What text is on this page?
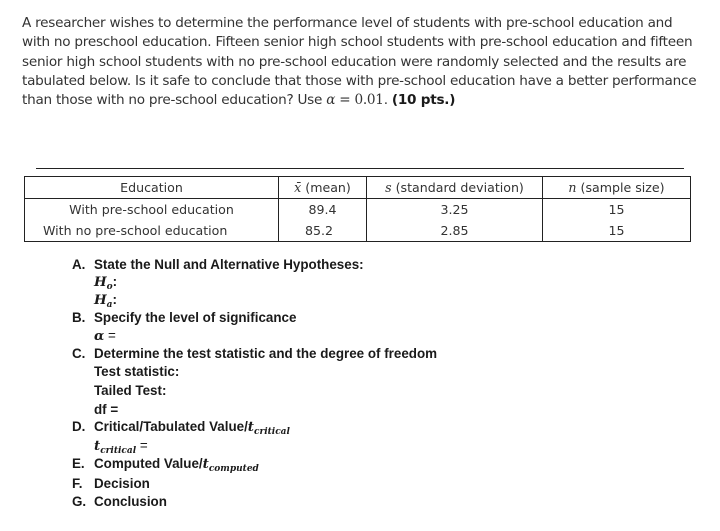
A researcher wishes to determine the performance level of students with pre-school education and with no preschool education. Fifteen senior high school students with pre-school education and fifteen senior high school students with no pre-school education were randomly selected and the results are tabulated below. Is it safe to conclude that those with pre-school education have a better performance than those with no pre-school education? Use α = 0.01. (10 pts.)
Education	x̄ (mean)	s (standard deviation)	n (sample size)
With pre-school education	89.4	3.25	15
With no pre-school education	85.2	2.85	15
A. State the Null and Alternative Hypotheses:
$H_o$:
$H_a$:
B. Specify the level of significance
α =
C. Determine the test statistic and the degree of freedom
Test statistic:
Tailed Test:
df =
D. Critical/Tabulated Value/$t_{critical}$
$t_{critical}$ =
E. Computed Value/$t_{computed}$
F. Decision
G. Conclusion
